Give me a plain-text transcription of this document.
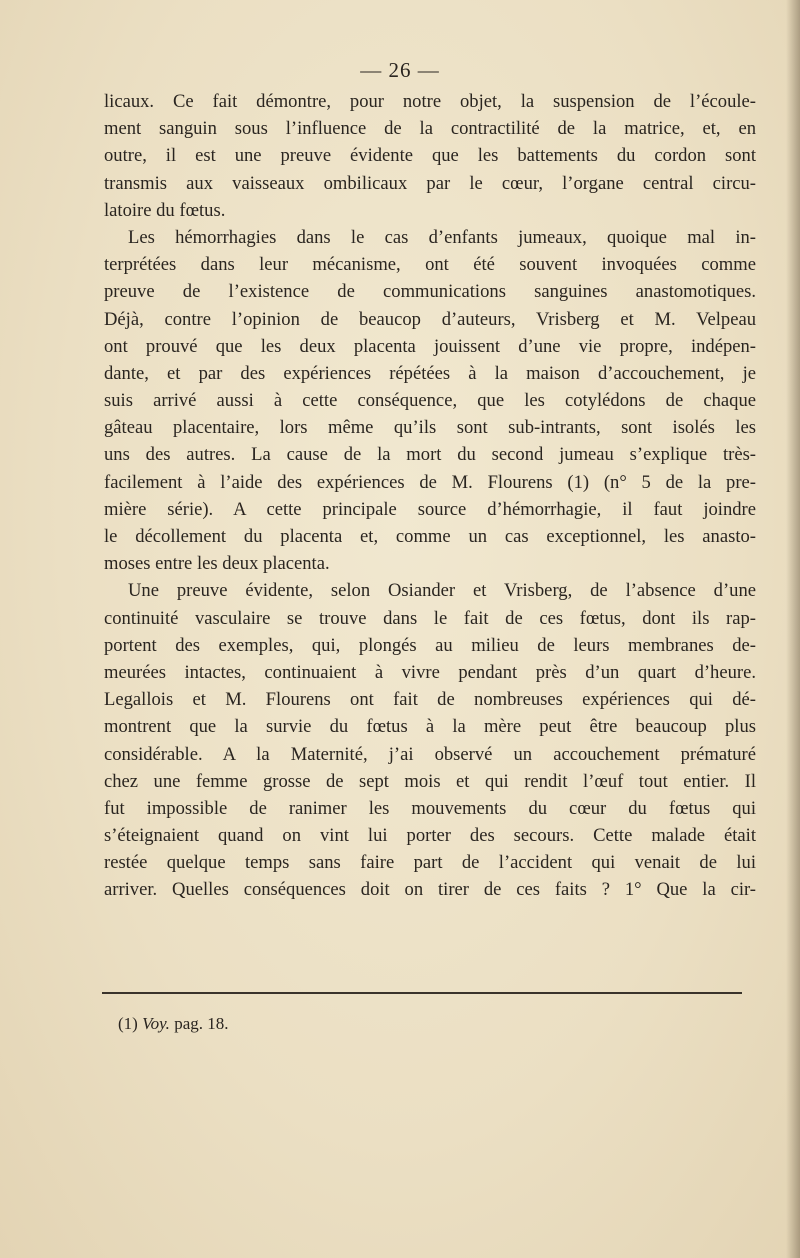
— 26 —
licaux. Ce fait démontre, pour notre objet, la suspension de l’écoule-
ment sanguin sous l’influence de la contractilité de la matrice, et, en
outre, il est une preuve évidente que les battements du cordon sont
transmis aux vaisseaux ombilicaux par le cœur, l’organe central circu-
latoire du fœtus.
Les hémorrhagies dans le cas d’enfants jumeaux, quoique mal in-
terprétées dans leur mécanisme, ont été souvent invoquées comme
preuve de l’existence de communications sanguines anastomotiques.
Déjà, contre l’opinion de beaucop d’auteurs, Vrisberg et M. Velpeau
ont prouvé que les deux placenta jouissent d’une vie propre, indépen-
dante, et par des expériences répétées à la maison d’accouchement, je
suis arrivé aussi à cette conséquence, que les cotylédons de chaque
gâteau placentaire, lors même qu’ils sont sub-intrants, sont isolés les
uns des autres. La cause de la mort du second jumeau s’explique très-
facilement à l’aide des expériences de M. Flourens (1) (n° 5 de la pre-
mière série). A cette principale source d’hémorrhagie, il faut joindre
le décollement du placenta et, comme un cas exceptionnel, les anasto-
moses entre les deux placenta.
Une preuve évidente, selon Osiander et Vrisberg, de l’absence d’une
continuité vasculaire se trouve dans le fait de ces fœtus, dont ils rap-
portent des exemples, qui, plongés au milieu de leurs membranes de-
meurées intactes, continuaient à vivre pendant près d’un quart d’heure.
Legallois et M. Flourens ont fait de nombreuses expériences qui dé-
montrent que la survie du fœtus à la mère peut être beaucoup plus
considérable. A la Maternité, j’ai observé un accouchement prématuré
chez une femme grosse de sept mois et qui rendit l’œuf tout entier. Il
fut impossible de ranimer les mouvements du cœur du fœtus qui
s’éteignaient quand on vint lui porter des secours. Cette malade était
restée quelque temps sans faire part de l’accident qui venait de lui
arriver. Quelles conséquences doit on tirer de ces faits ? 1° Que la cir-
(1) Voy. pag. 18.
